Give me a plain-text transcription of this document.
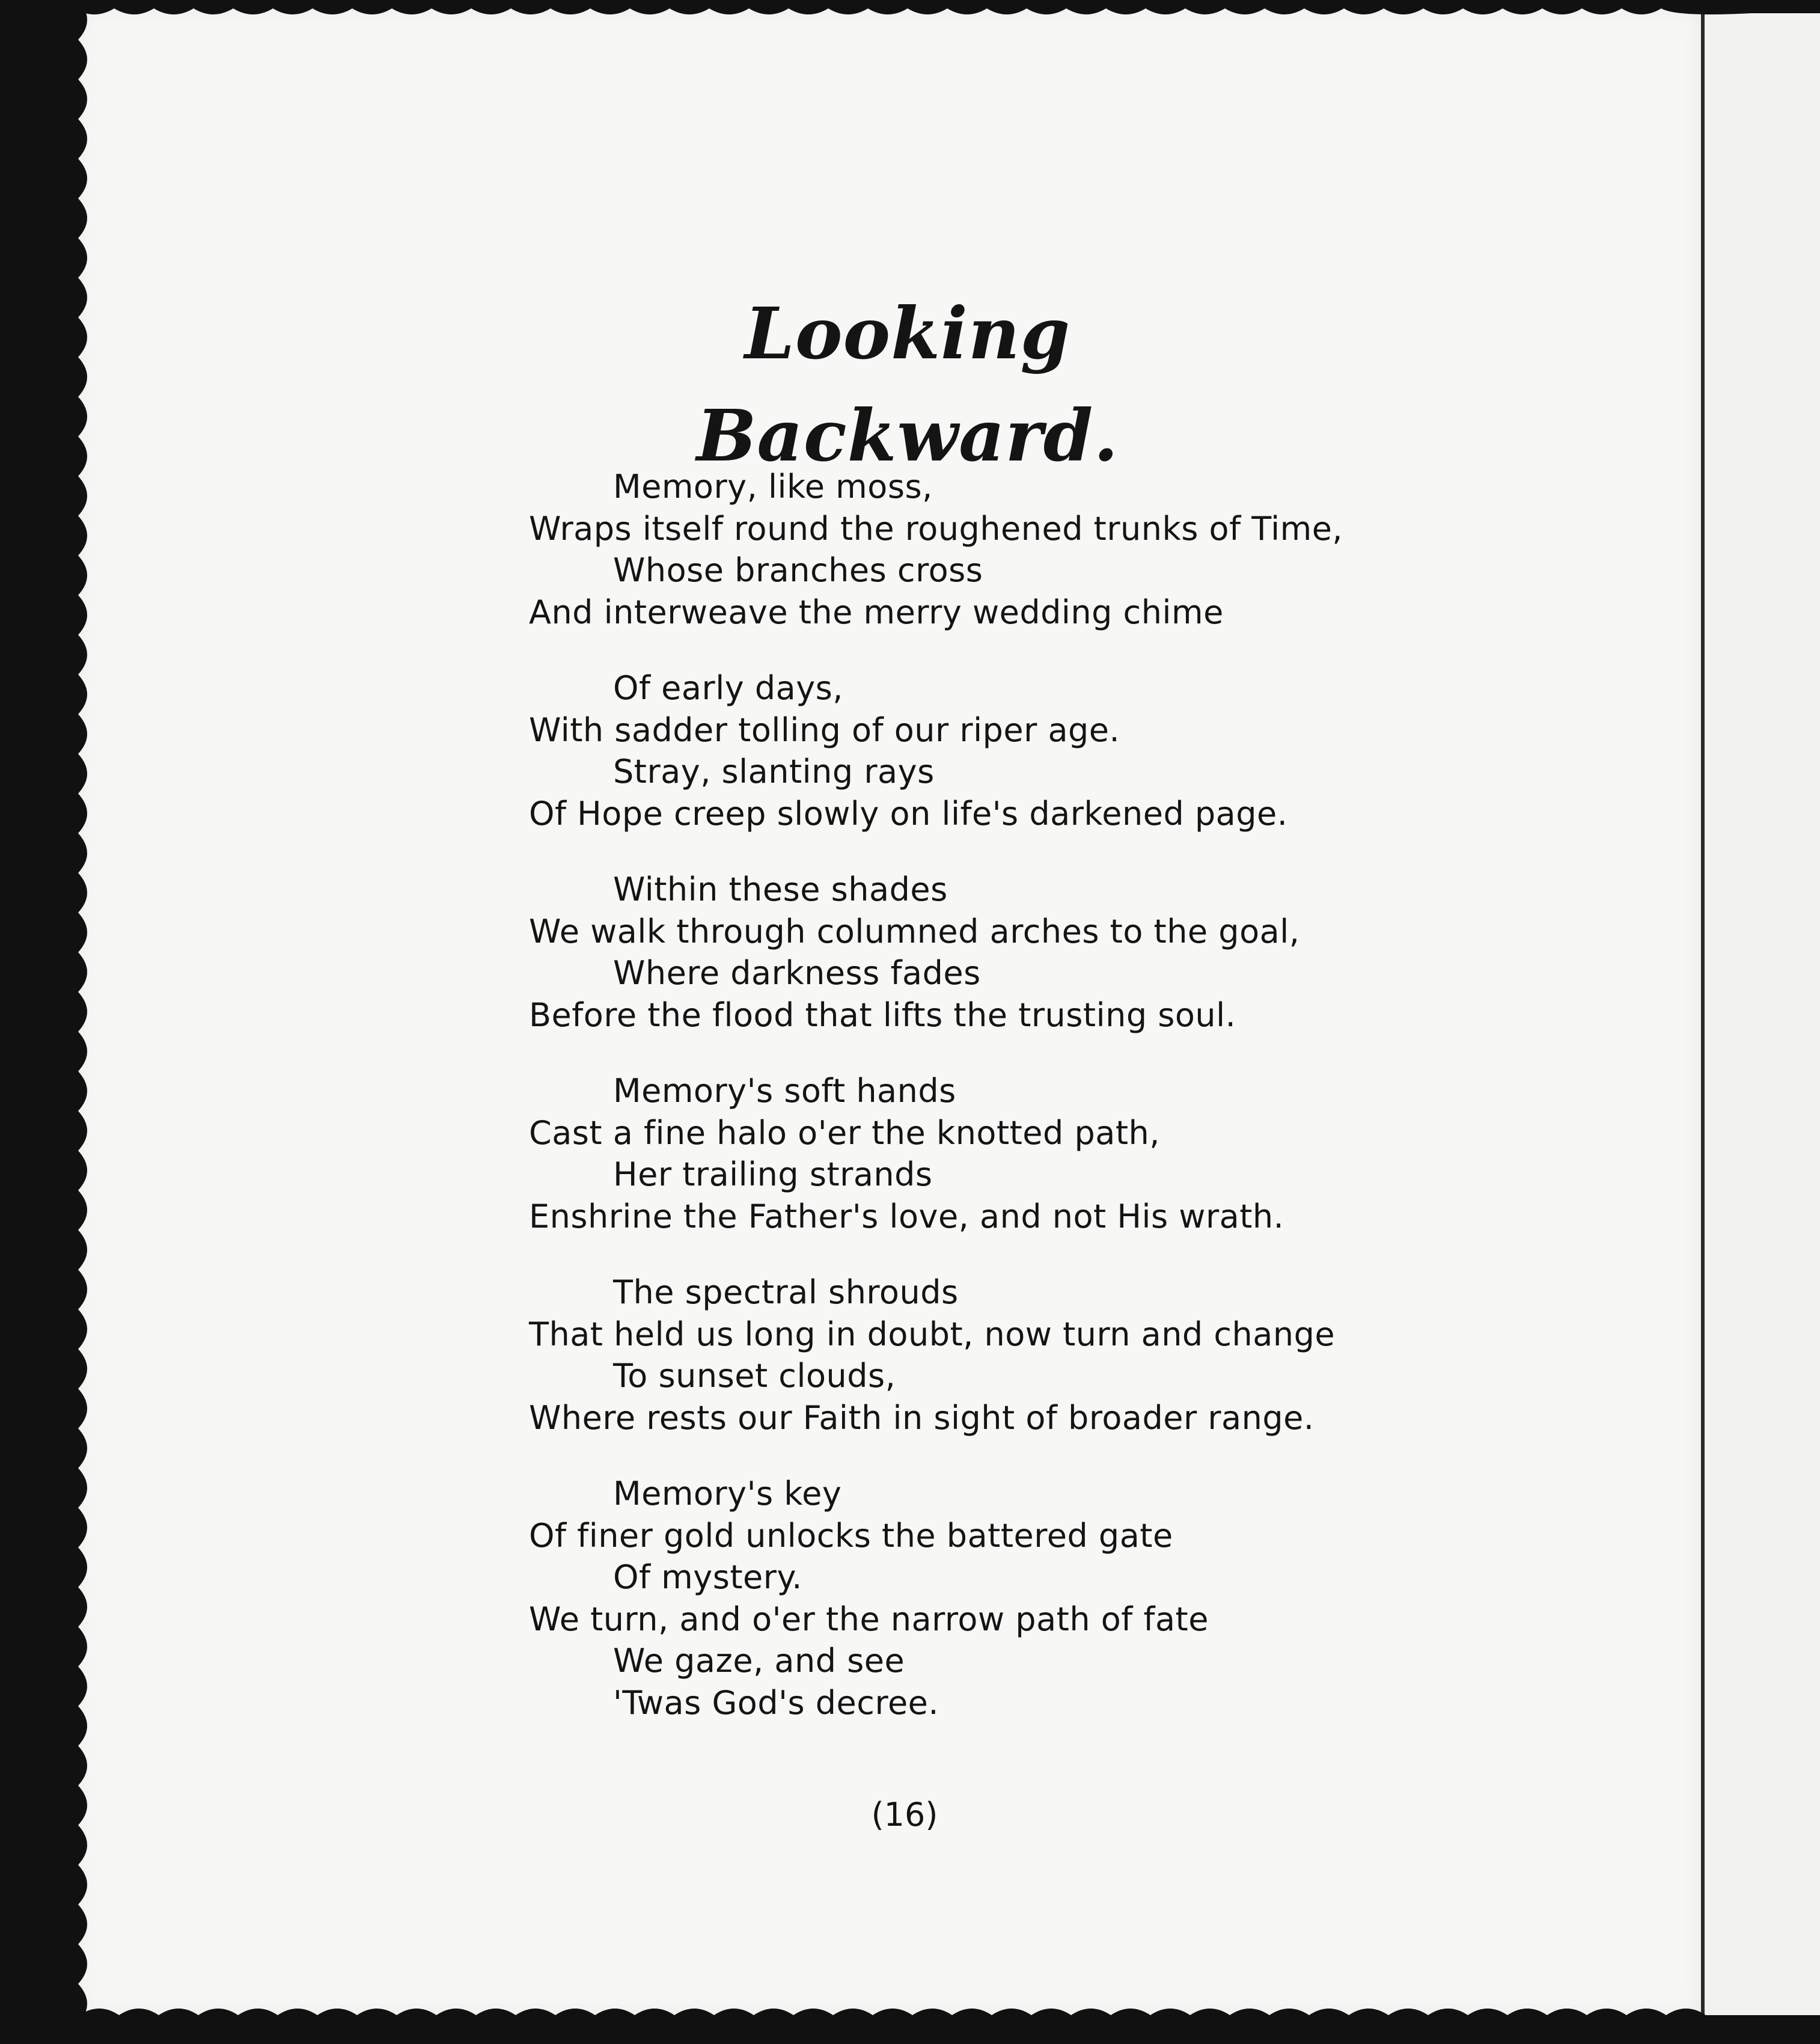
Looking Backward.
Memory, like moss,
Wraps itself round the roughened trunks of Time,
Whose branches cross
And interweave the merry wedding chime
Of early days,
With sadder tolling of our riper age.
Stray, slanting rays
Of Hope creep slowly on life's darkened page.
Within these shades
We walk through columned arches to the goal,
Where darkness fades
Before the flood that lifts the trusting soul.
Memory's soft hands
Cast a fine halo o'er the knotted path,
Her trailing strands
Enshrine the Father's love, and not His wrath.
The spectral shrouds
That held us long in doubt, now turn and change
To sunset clouds,
Where rests our Faith in sight of broader range.
Memory's key
Of finer gold unlocks the battered gate
Of mystery.
We turn, and o'er the narrow path of fate
We gaze, and see
'Twas God's decree.
(16)
